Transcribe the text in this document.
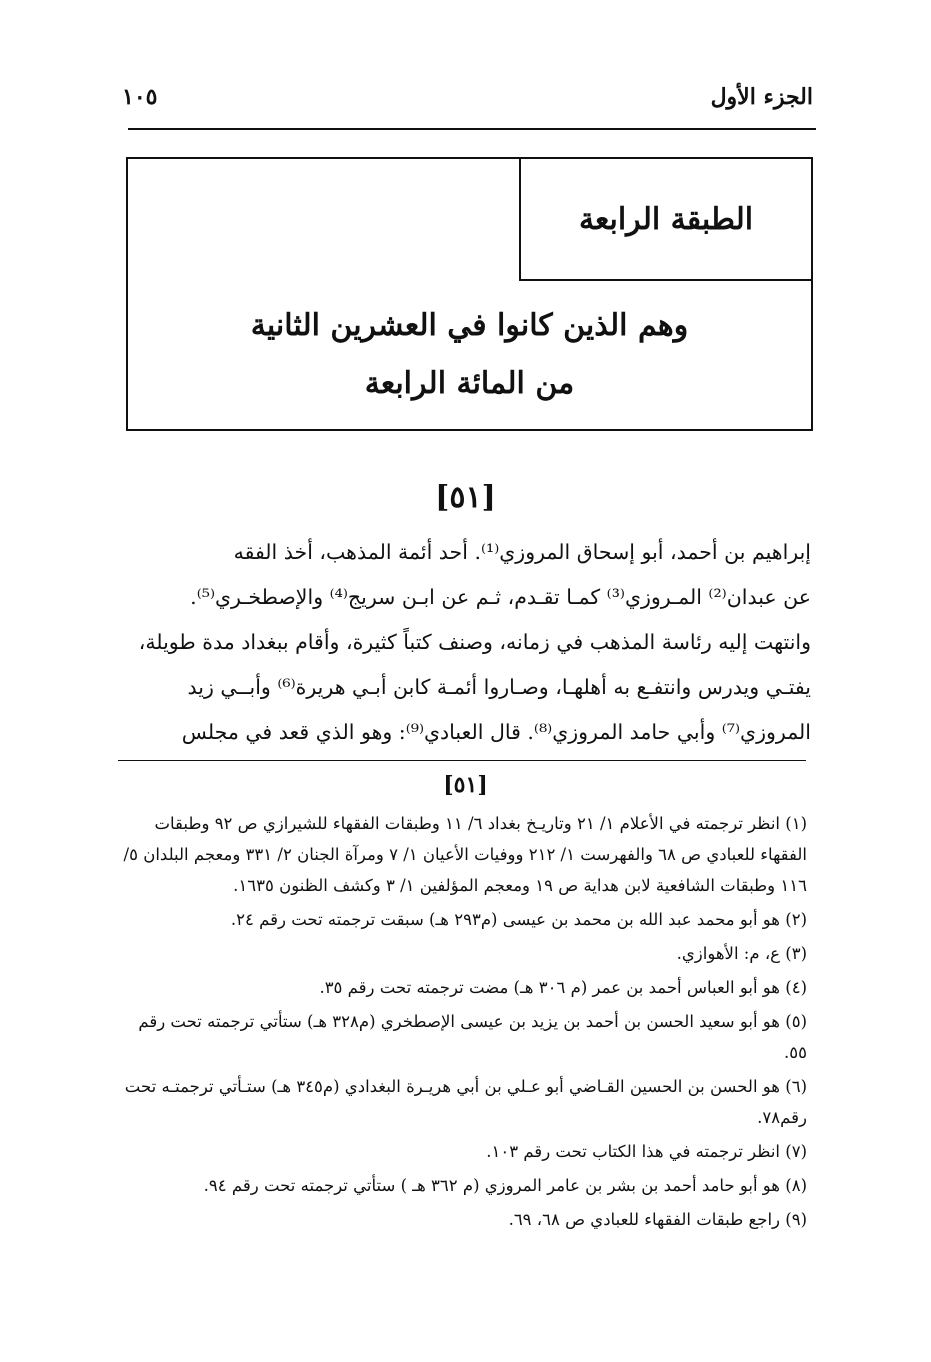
الجزء الأول
١٠٥
الطبقة الرابعة
وهم الذين كانوا في العشرين الثانية
من المائة الرابعة
[٥١]

إبراهيم بن أحمد، أبو إسحاق المروزي⁽¹⁾. أحد أئمة المذهب، أخذ الفقه

عن عبدان⁽²⁾ المـروزي⁽³⁾ كمـا تقـدم، ثـم عن ابـن سريج⁽⁴⁾ والإصطخـري⁽⁵⁾.

وانتهت إليه رئاسة المذهب في زمانه، وصنف كتباً كثيرة، وأقام ببغداد مدة طويلة،

يفتـي ويدرس وانتفـع به أهلهـا، وصـاروا أئمـة كابن أبـي هريرة⁽⁶⁾ وأبــي زيد

المروزي⁽⁷⁾ وأبي حامد المروزي⁽⁸⁾. قال العبادي⁽⁹⁾: وهو الذي قعد في مجلس

[٥١]

(١) انظر ترجمته في الأعلام ١/ ٢١ وتاريـخ بغداد ٦/ ١١ وطبقات الفقهاء للشيرازي ص ٩٢ وطبقات الفقهاء للعبادي ص ٦٨ والفهرست ١/ ٢١٢ ووفيات الأعيان ١/ ٧ ومرآة الجنان ٢/ ٣٣١ ومعجم البلدان ٥/ ١١٦ وطبقات الشافعية لابن هداية ص ١٩ ومعجم المؤلفين ١/ ٣ وكشف الظنون ١٦٣٥.

(٢) هو أبو محمد عبد الله بن محمد بن عيسى (م٢٩٣ هـ) سبقت ترجمته تحت رقم ٢٤.

(٣) ع، م: الأهوازي.

(٤) هو أبو العباس أحمد بن عمر (م ٣٠٦ هـ) مضت ترجمته تحت رقم ٣٥.

(٥) هو أبو سعيد الحسن بن أحمد بن يزيد بن عيسى الإصطخري (م٣٢٨ هـ) ستأتي ترجمته تحت رقم ٥٥.

(٦) هو الحسن بن الحسين القـاضي أبو عـلي بن أبي هريـرة البغدادي (م٣٤٥ هـ) ستـأتي ترجمتـه تحت رقم٧٨.

(٧) انظر ترجمته في هذا الكتاب تحت رقم ١٠٣.

(٨) هو أبو حامد أحمد بن بشر بن عامر المروزي (م ٣٦٢ هـ ) ستأتي ترجمته تحت رقم ٩٤.

(٩) راجع طبقات الفقهاء للعبادي ص ٦٨، ٦٩.
